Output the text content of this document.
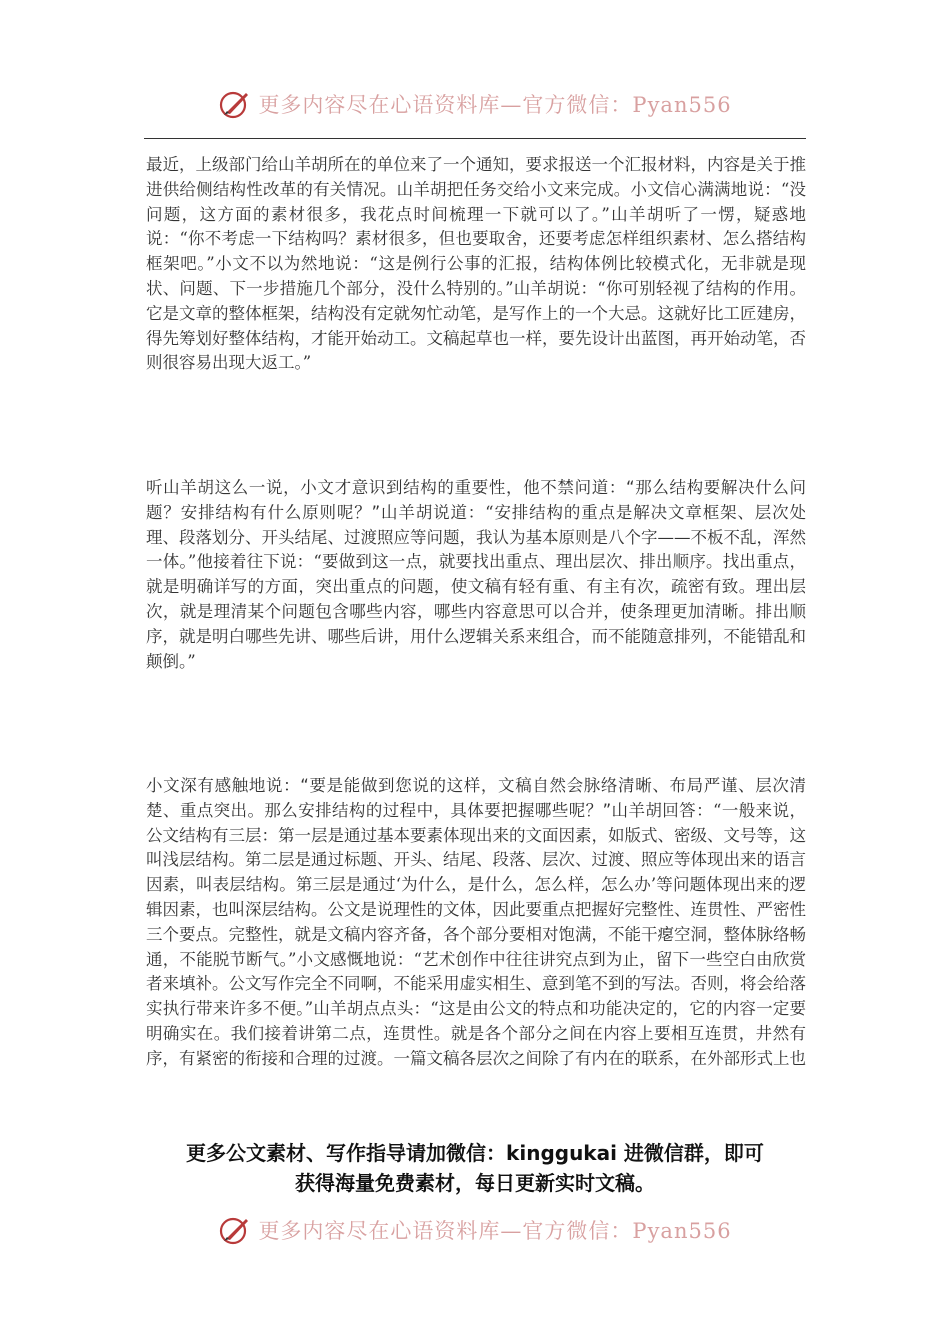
更多内容尽在心语资料库—官方微信：Pyan556

最近，上级部门给山羊胡所在的单位来了一个通知，要求报送一个汇报材料，内容是关于推进供给侧结构性改革的有关情况。山羊胡把任务交给小文来完成。小文信心满满地说：“没问题，这方面的素材很多，我花点时间梳理一下就可以了。”山羊胡听了一愣，疑惑地说：“你不考虑一下结构吗？素材很多，但也要取舍，还要考虑怎样组织素材、怎么搭结构框架吧。”小文不以为然地说：“这是例行公事的汇报，结构体例比较模式化，无非就是现状、问题、下一步措施几个部分，没什么特别的。”山羊胡说：“你可别轻视了结构的作用。它是文章的整体框架，结构没有定就匆忙动笔，是写作上的一个大忌。这就好比工匠建房，得先筹划好整体结构，才能开始动工。文稿起草也一样，要先设计出蓝图，再开始动笔，否则很容易出现大返工。”

听山羊胡这么一说，小文才意识到结构的重要性，他不禁问道：“那么结构要解决什么问题？安排结构有什么原则呢？”山羊胡说道：“安排结构的重点是解决文章框架、层次处理、段落划分、开头结尾、过渡照应等问题，我认为基本原则是八个字——不板不乱，浑然一体。”他接着往下说：“要做到这一点，就要找出重点、理出层次、排出顺序。找出重点，就是明确详写的方面，突出重点的问题，使文稿有轻有重、有主有次，疏密有致。理出层次，就是理清某个问题包含哪些内容，哪些内容意思可以合并，使条理更加清晰。排出顺序，就是明白哪些先讲、哪些后讲，用什么逻辑关系来组合，而不能随意排列，不能错乱和颠倒。”

小文深有感触地说：“要是能做到您说的这样，文稿自然会脉络清晰、布局严谨、层次清楚、重点突出。那么安排结构的过程中，具体要把握哪些呢？”山羊胡回答：“一般来说，公文结构有三层：第一层是通过基本要素体现出来的文面因素，如版式、密级、文号等，这叫浅层结构。第二层是通过标题、开头、结尾、段落、层次、过渡、照应等体现出来的语言因素，叫表层结构。第三层是通过‘为什么，是什么，怎么样，怎么办’等问题体现出来的逻辑因素，也叫深层结构。公文是说理性的文体，因此要重点把握好完整性、连贯性、严密性三个要点。完整性，就是文稿内容齐备，各个部分要相对饱满，不能干瘪空洞，整体脉络畅通，不能脱节断气。”小文感慨地说：“艺术创作中往往讲究点到为止，留下一些空白由欣赏者来填补。公文写作完全不同啊，不能采用虚实相生、意到笔不到的写法。否则，将会给落实执行带来许多不便。”山羊胡点点头：“这是由公文的特点和功能决定的，它的内容一定要明确实在。我们接着讲第二点，连贯性。就是各个部分之间在内容上要相互连贯，井然有序，有紧密的衔接和合理的过渡。一篇文稿各层次之间除了有内在的联系，在外部形式上也

更多公文素材、写作指导请加微信：kinggukai 进微信群，即可
获得海量免费素材，每日更新实时文稿。
更多内容尽在心语资料库—官方微信：Pyan556
